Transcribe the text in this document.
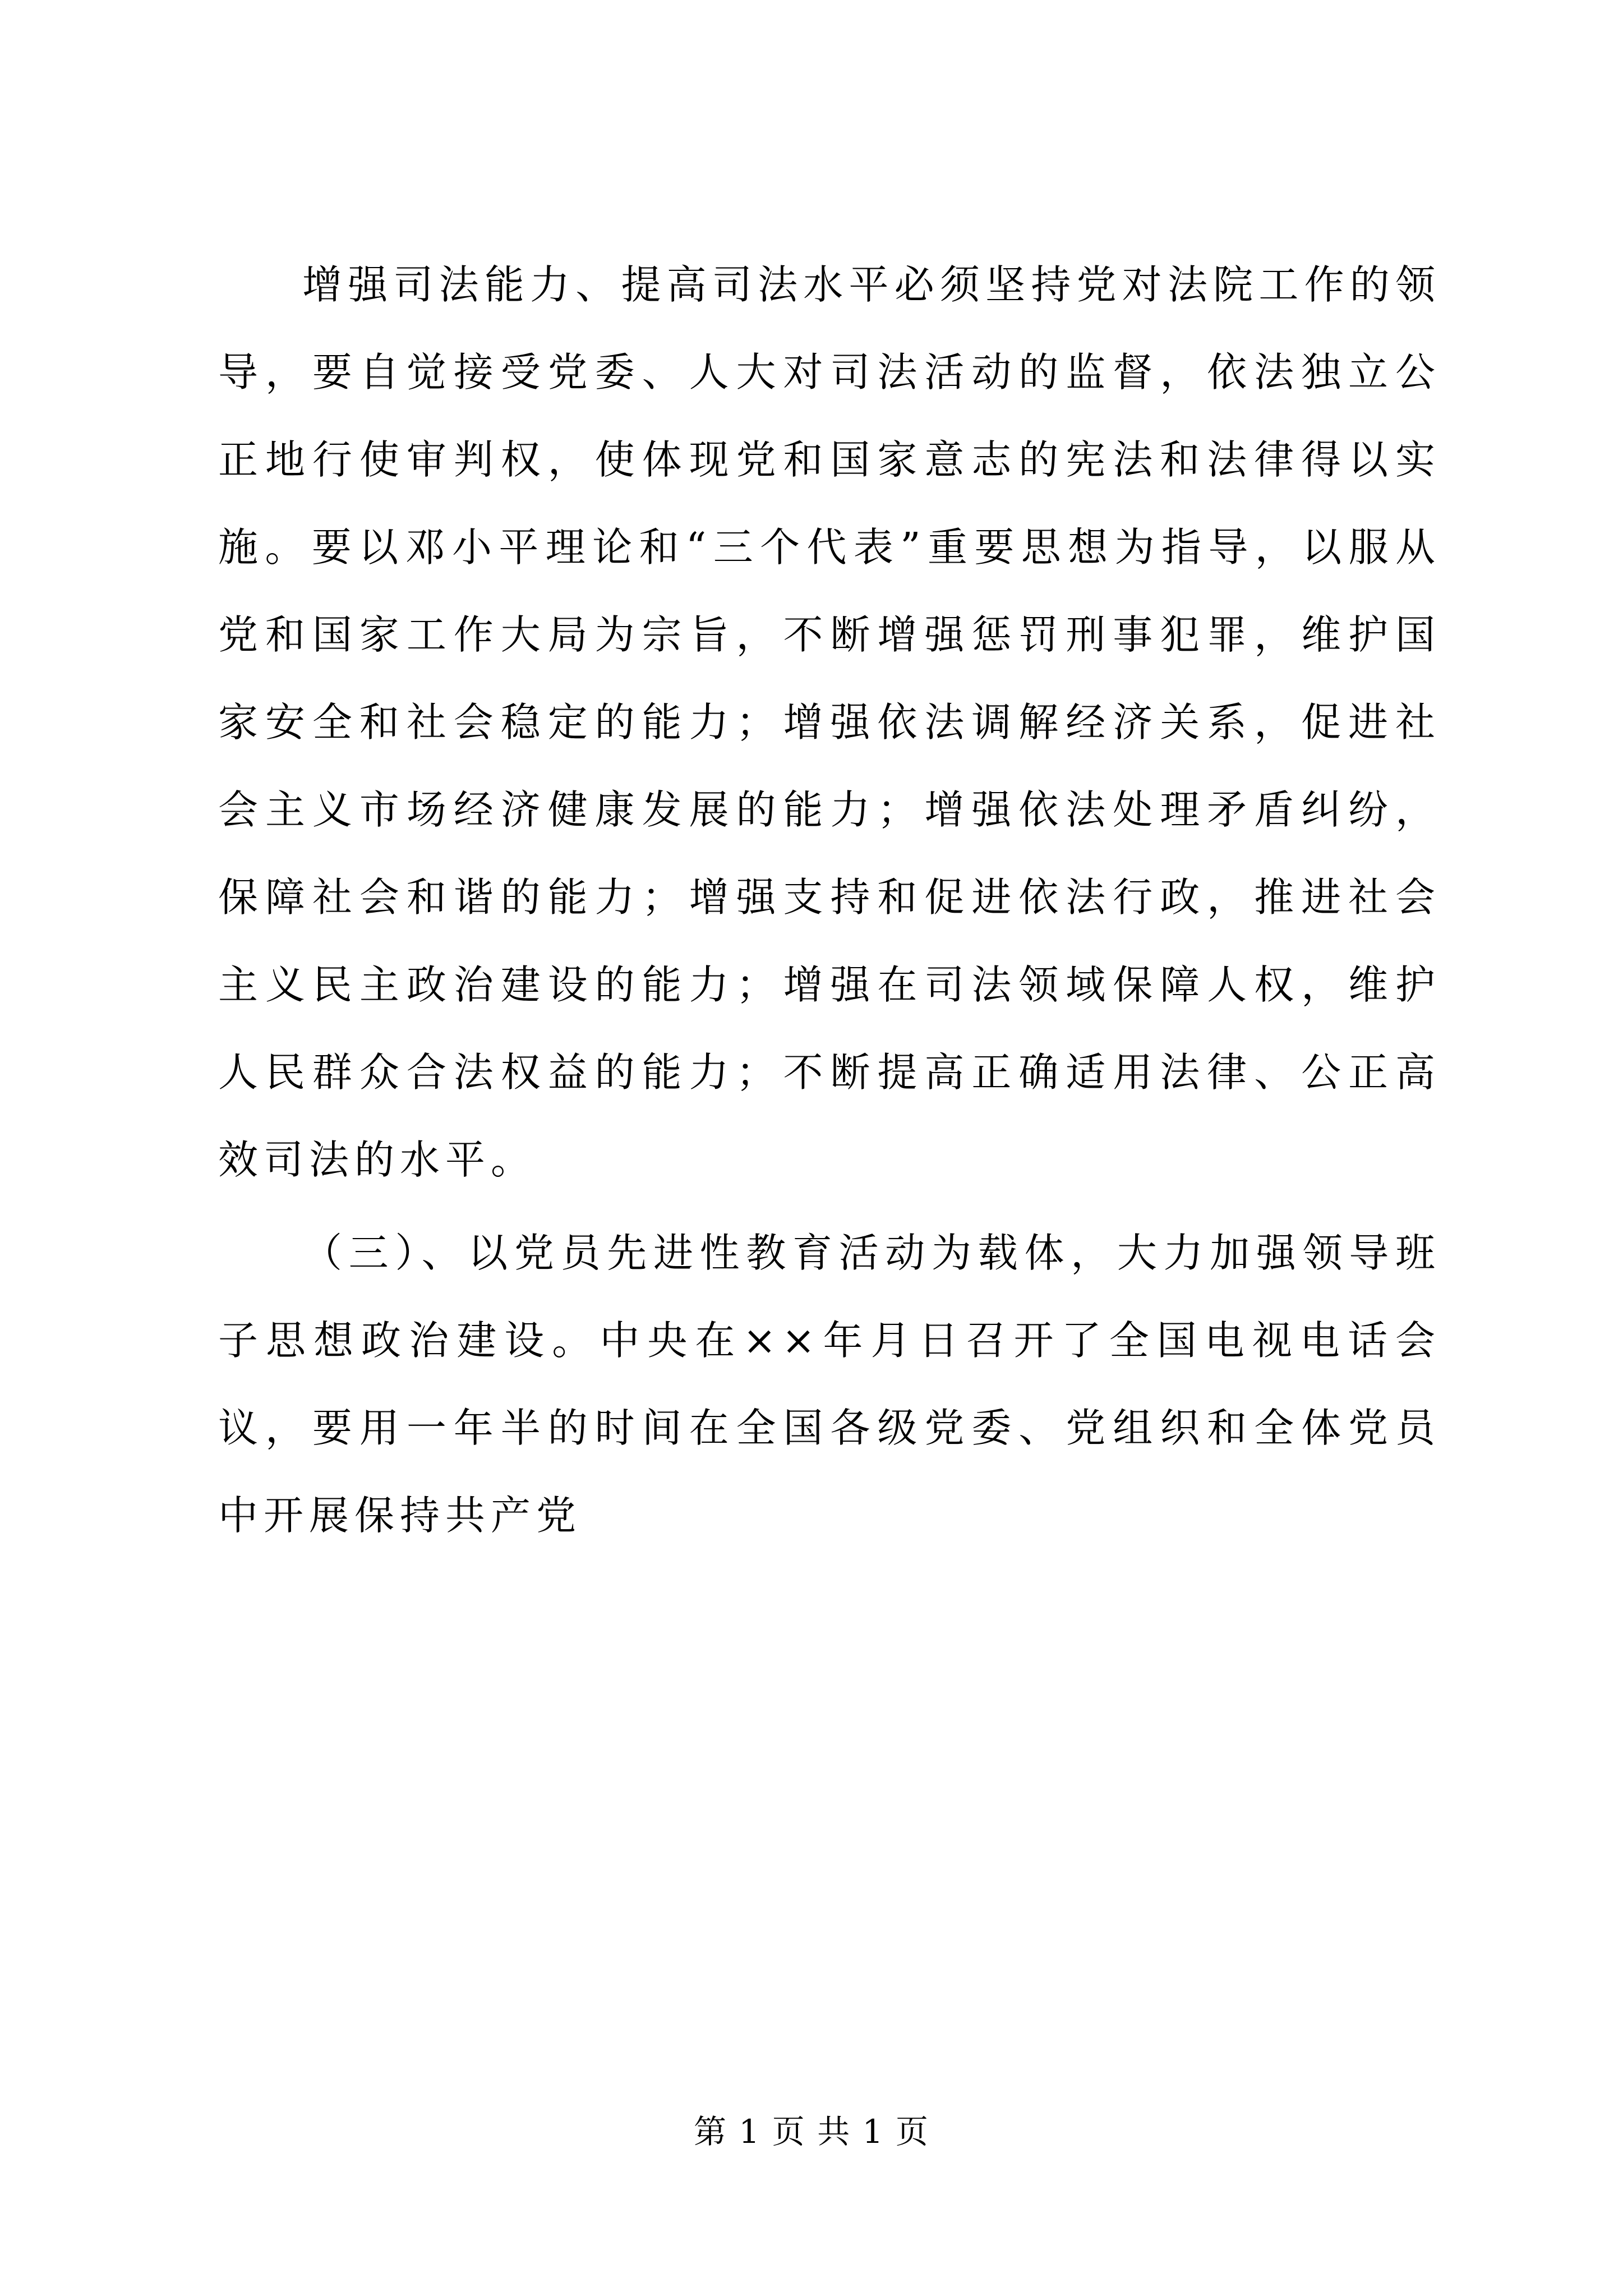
增强司法能力、提高司法水平必须坚持党对法院工作的领导，要自觉接受党委、人大对司法活动的监督，依法独立公正地行使审判权，使体现党和国家意志的宪法和法律得以实施。要以邓小平理论和“三个代表”重要思想为指导，以服从党和国家工作大局为宗旨，不断增强惩罚刑事犯罪，维护国家安全和社会稳定的能力；增强依法调解经济关系，促进社会主义市场经济健康发展的能力；增强依法处理矛盾纠纷，保障社会和谐的能力；增强支持和促进依法行政，推进社会主义民主政治建设的能力；增强在司法领域保障人权，维护人民群众合法权益的能力；不断提高正确适用法律、公正高效司法的水平。

（三）、以党员先进性教育活动为载体，大力加强领导班子思想政治建设。中央在××年月日召开了全国电视电话会议，要用一年半的时间在全国各级党委、党组织和全体党员中开展保持共产党

第 1 页 共 1 页
